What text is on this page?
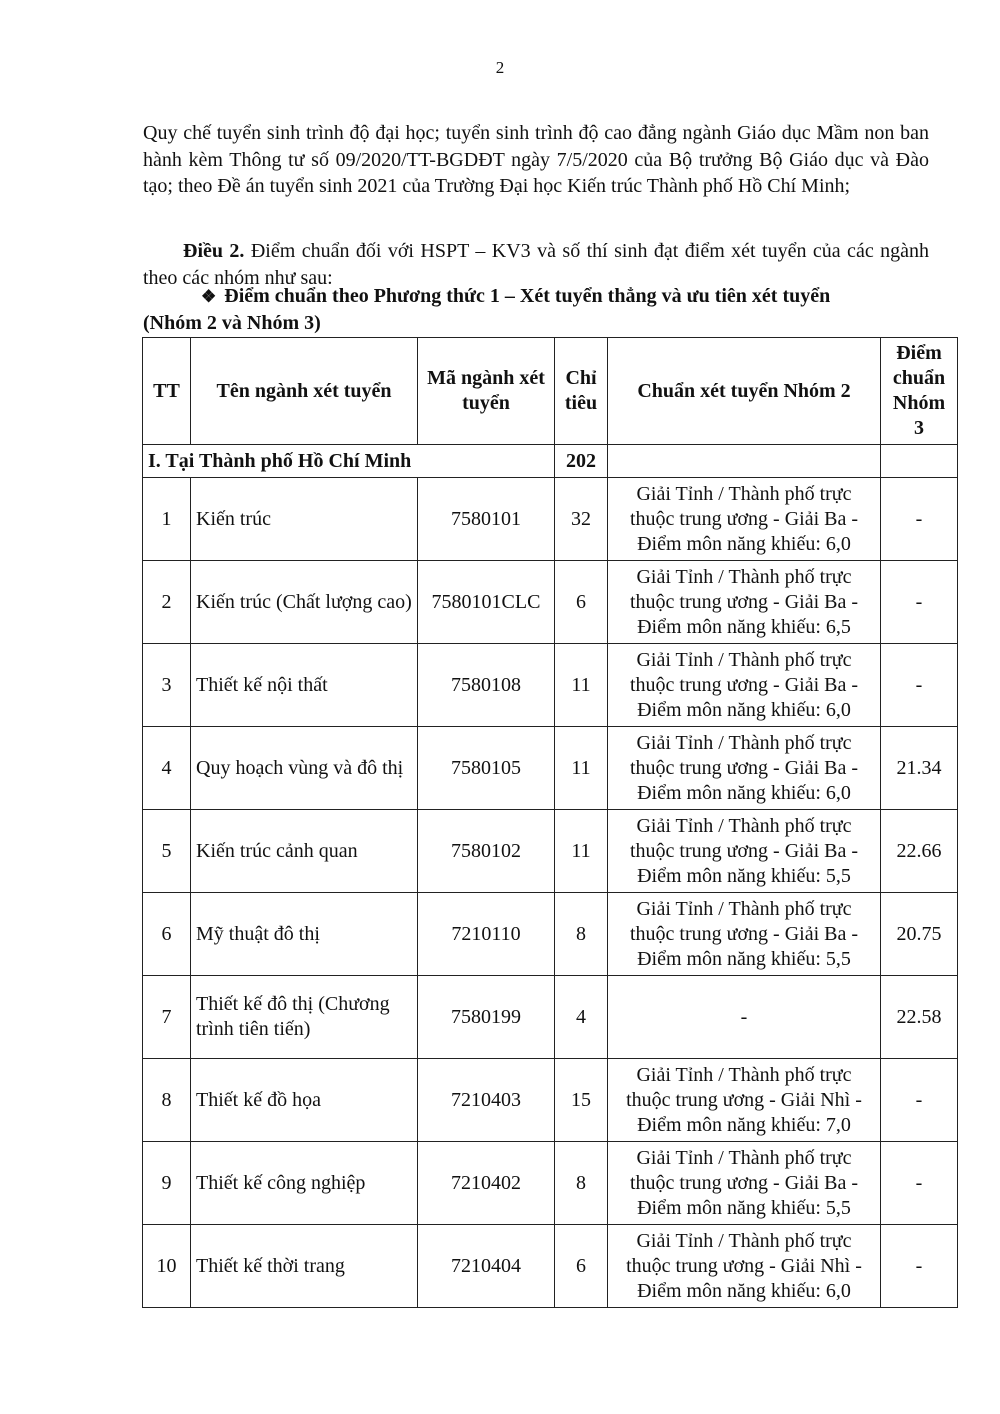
2

Quy chế tuyển sinh trình độ đại học; tuyển sinh trình độ cao đẳng ngành Giáo dục Mầm non ban hành kèm Thông tư số 09/2020/TT-BGDĐT ngày 7/5/2020 của Bộ trưởng Bộ Giáo dục và Đào tạo; theo Đề án tuyển sinh 2021 của Trường Đại học Kiến trúc Thành phố Hồ Chí Minh;

Điều 2. Điểm chuẩn đối với HSPT – KV3 và số thí sinh đạt điểm xét tuyển của các ngành theo các nhóm như sau:

❖ Điểm chuẩn theo Phương thức 1 – Xét tuyển thẳng và ưu tiên xét tuyển
(Nhóm 2 và Nhóm 3)
TT	Tên ngành xét tuyển	Mã ngành xét tuyển	Chỉ tiêu	Chuẩn xét tuyển Nhóm 2	Điểm chuẩn Nhóm 3
I. Tại Thành phố Hồ Chí Minh			202		
1	Kiến trúc	7580101	32	Giải Tỉnh / Thành phố trực thuộc trung ương - Giải Ba - Điểm môn năng khiếu: 6,0	-
2	Kiến trúc (Chất lượng cao)	7580101CLC	6	Giải Tỉnh / Thành phố trực thuộc trung ương - Giải Ba - Điểm môn năng khiếu: 6,5	-
3	Thiết kế nội thất	7580108	11	Giải Tỉnh / Thành phố trực thuộc trung ương - Giải Ba - Điểm môn năng khiếu: 6,0	-
4	Quy hoạch vùng và đô thị	7580105	11	Giải Tỉnh / Thành phố trực thuộc trung ương - Giải Ba - Điểm môn năng khiếu: 6,0	21.34
5	Kiến trúc cảnh quan	7580102	11	Giải Tỉnh / Thành phố trực thuộc trung ương - Giải Ba - Điểm môn năng khiếu: 5,5	22.66
6	Mỹ thuật đô thị	7210110	8	Giải Tỉnh / Thành phố trực thuộc trung ương - Giải Ba - Điểm môn năng khiếu: 5,5	20.75
7	Thiết kế đô thị (Chương trình tiên tiến)	7580199	4	-	22.58
8	Thiết kế đồ họa	7210403	15	Giải Tỉnh / Thành phố trực thuộc trung ương - Giải Nhì - Điểm môn năng khiếu: 7,0	-
9	Thiết kế công nghiệp	7210402	8	Giải Tỉnh / Thành phố trực thuộc trung ương - Giải Ba - Điểm môn năng khiếu: 5,5	-
10	Thiết kế thời trang	7210404	6	Giải Tỉnh / Thành phố trực thuộc trung ương - Giải Nhì - Điểm môn năng khiếu: 6,0	-
